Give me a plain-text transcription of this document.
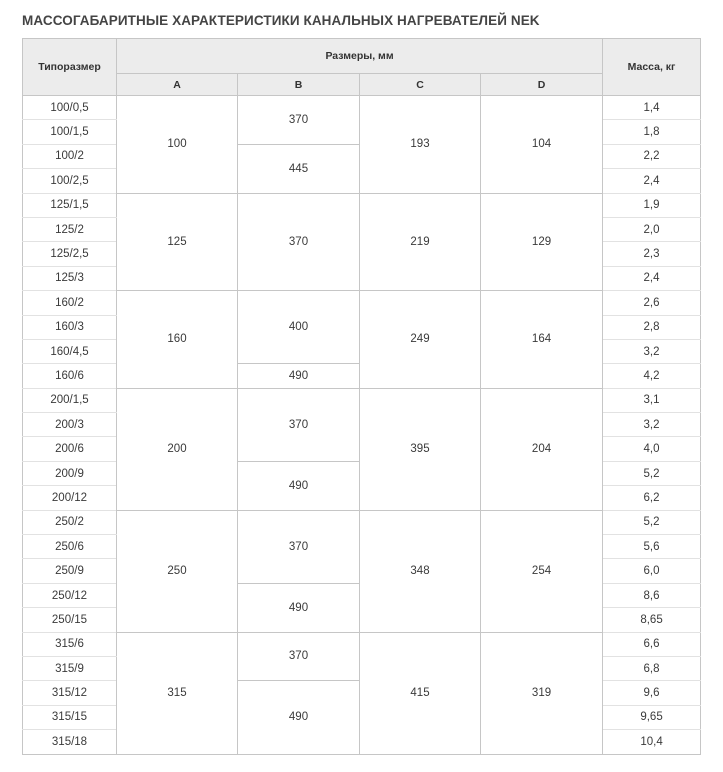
МАССОГАБАРИТНЫЕ ХАРАКТЕРИСТИКИ КАНАЛЬНЫХ НАГРЕВАТЕЛЕЙ NEK
Типоразмер	Размеры, мм				Масса, кг
	A	B	C	D	
100/0,5	100	370	193	104	1,4
100/1,5					1,8
100/2		445			2,2
100/2,5					2,4
125/1,5	125	370	219	129	1,9
125/2					2,0
125/2,5					2,3
125/3					2,4
160/2	160	400	249	164	2,6
160/3					2,8
160/4,5					3,2
160/6		490			4,2
200/1,5	200	370	395	204	3,1
200/3					3,2
200/6					4,0
200/9		490			5,2
200/12					6,2
250/2	250	370	348	254	5,2
250/6					5,6
250/9					6,0
250/12		490			8,6
250/15					8,65
315/6	315	370	415	319	6,6
315/9					6,8
315/12		490			9,6
315/15					9,65
315/18					10,4
